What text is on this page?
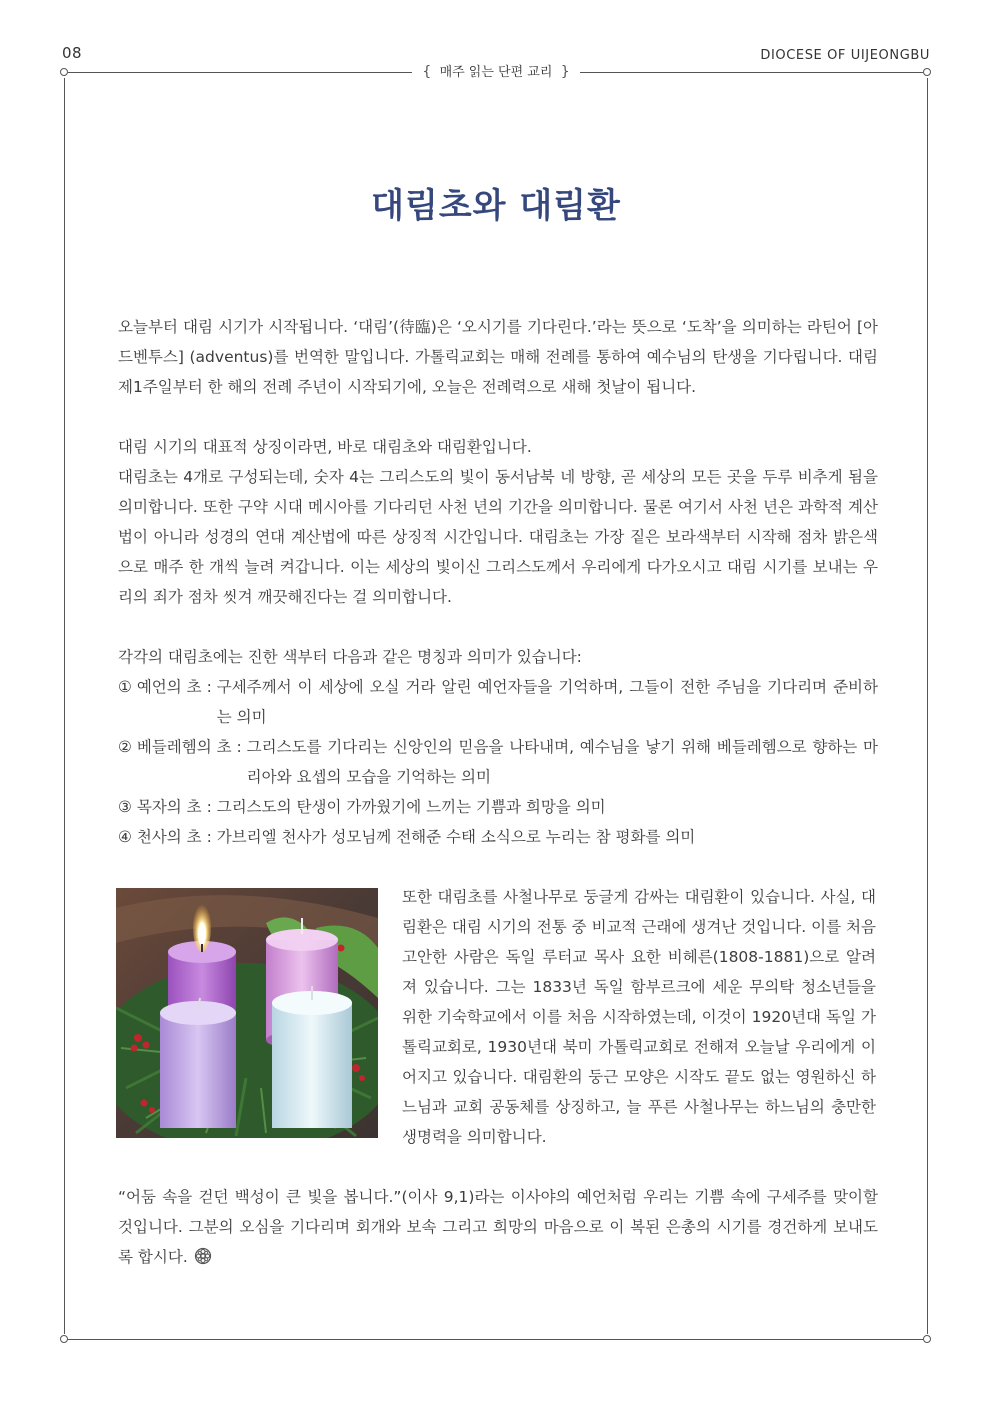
08	DIOCESE OF UIJEONGBU
{ 매주 읽는 단편 교리 }
대림초와 대림환
오늘부터 대림 시기가 시작됩니다. ‘대림’(待臨)은 ‘오시기를 기다린다.’라는 뜻으로 ‘도착’을 의미하는 라틴어 [아드벤투스] (adventus)를 번역한 말입니다. 가톨릭교회는 매해 전례를 통하여 예수님의 탄생을 기다립니다. 대림 제1주일부터 한 해의 전례 주년이 시작되기에, 오늘은 전례력으로 새해 첫날이 됩니다.
대림 시기의 대표적 상징이라면, 바로 대림초와 대림환입니다.
대림초는 4개로 구성되는데, 숫자 4는 그리스도의 빛이 동서남북 네 방향, 곧 세상의 모든 곳을 두루 비추게 됨을 의미합니다. 또한 구약 시대 메시아를 기다리던 사천 년의 기간을 의미합니다. 물론 여기서 사천 년은 과학적 계산법이 아니라 성경의 연대 계산법에 따른 상징적 시간입니다. 대림초는 가장 짙은 보라색부터 시작해 점차 밝은색으로 매주 한 개씩 늘려 켜갑니다. 이는 세상의 빛이신 그리스도께서 우리에게 다가오시고 대림 시기를 보내는 우리의 죄가 점차 씻겨 깨끗해진다는 걸 의미합니다.
각각의 대림초에는 진한 색부터 다음과 같은 명칭과 의미가 있습니다:
① 예언의 초 : 구세주께서 이 세상에 오실 거라 알린 예언자들을 기억하며, 그들이 전한 주님을 기다리며 준비하는 의미
② 베들레헴의 초 : 그리스도를 기다리는 신앙인의 믿음을 나타내며, 예수님을 낳기 위해 베들레헴으로 향하는 마리아와 요셉의 모습을 기억하는 의미
③ 목자의 초 : 그리스도의 탄생이 가까웠기에 느끼는 기쁨과 희망을 의미
④ 천사의 초 : 가브리엘 천사가 성모님께 전해준 수태 소식으로 누리는 참 평화를 의미
또한 대림초를 사철나무로 둥글게 감싸는 대림환이 있습니다. 사실, 대림환은 대림 시기의 전통 중 비교적 근래에 생겨난 것입니다. 이를 처음 고안한 사람은 독일 루터교 목사 요한 비헤른(1808-1881)으로 알려져 있습니다. 그는 1833년 독일 함부르크에 세운 무의탁 청소년들을 위한 기숙학교에서 이를 처음 시작하였는데, 이것이 1920년대 독일 가톨릭교회로, 1930년대 북미 가톨릭교회로 전해져 오늘날 우리에게 이어지고 있습니다. 대림환의 둥근 모양은 시작도 끝도 없는 영원하신 하느님과 교회 공동체를 상징하고, 늘 푸른 사철나무는 하느님의 충만한 생명력을 의미합니다.
“어둠 속을 걷던 백성이 큰 빛을 봅니다.”(이사 9,1)라는 이사야의 예언처럼 우리는 기쁨 속에 구세주를 맞이할 것입니다. 그분의 오심을 기다리며 회개와 보속 그리고 희망의 마음으로 이 복된 은총의 시기를 경건하게 보내도록 합시다.
